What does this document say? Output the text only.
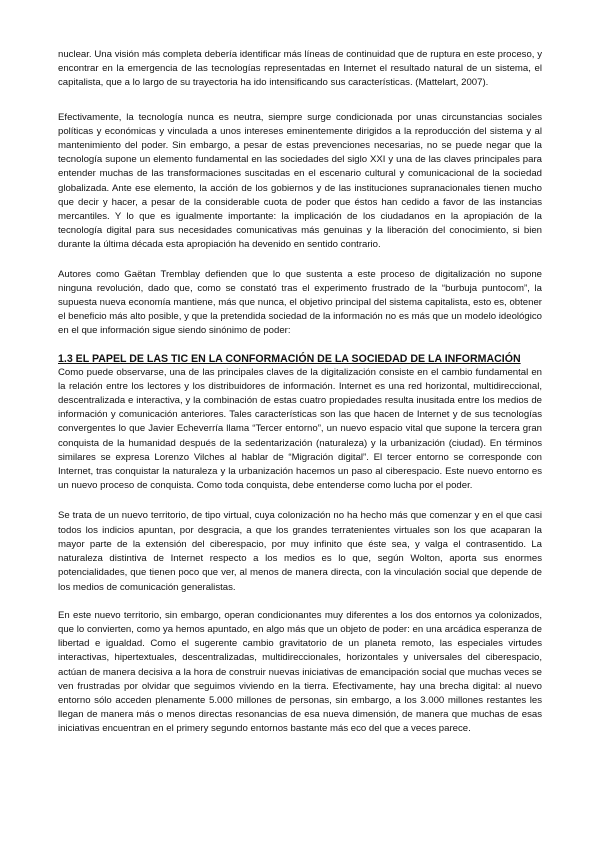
nuclear. Una visión más completa debería identificar más líneas de continuidad que de ruptura en este proceso, y encontrar en la emergencia de las tecnologías representadas en Internet el resultado natural de un sistema, el capitalista, que a lo largo de su trayectoria ha ido intensificando sus características. (Mattelart, 2007).

Efectivamente, la tecnología nunca es neutra, siempre surge condicionada por unas circunstancias sociales políticas y económicas y vinculada a unos intereses eminentemente dirigidos a la reproducción del sistema y al mantenimiento del poder. Sin embargo, a pesar de estas prevenciones necesarias, no se puede negar que la tecnología supone un elemento fundamental en las sociedades del siglo XXI y una de las claves principales para entender muchas de las transformaciones suscitadas en el escenario cultural y comunicacional de la sociedad globalizada. Ante ese elemento, la acción de los gobiernos y de las instituciones supranacionales tienen mucho que decir y hacer, a pesar de la considerable cuota de poder que éstos han cedido a favor de las instancias mercantiles. Y lo que es igualmente importante: la implicación de los ciudadanos en la apropiación de la tecnología digital para sus necesidades comunicativas más genuinas y la liberación del conocimiento, si bien durante la última década esta apropiación ha devenido en sentido contrario.

Autores como Gaëtan Tremblay defienden que lo que sustenta a este proceso de digitalización no supone ninguna revolución, dado que, como se constató tras el experimento frustrado de la “burbuja puntocom”, la supuesta nueva economía mantiene, más que nunca, el objetivo principal del sistema capitalista, esto es, obtener el beneficio más alto posible, y que la pretendida sociedad de la información no es más que un modelo ideológico en el que información sigue siendo sinónimo de poder:

1.3 EL PAPEL DE LAS TIC EN LA CONFORMACIÓN DE LA SOCIEDAD DE LA INFORMACIÓN

Como puede observarse, una de las principales claves de la digitalización consiste en el cambio fundamental en la relación entre los lectores y los distribuidores de información. Internet es una red horizontal, multidireccional, descentralizada e interactiva, y la combinación de estas cuatro propiedades resulta inusitada entre los medios de información y comunicación anteriores. Tales características son las que hacen de Internet y de sus tecnologías convergentes lo que Javier Echeverría llama “Tercer entorno”, un nuevo espacio vital que supone la tercera gran conquista de la humanidad después de la sedentarización (naturaleza) y la urbanización (ciudad). En términos similares se expresa Lorenzo Vilches al hablar de “Migración digital”. El tercer entorno se corresponde con Internet, tras conquistar la naturaleza y la urbanización hacemos un paso al ciberespacio. Este nuevo entorno es un nuevo proceso de conquista. Como toda conquista, debe entenderse como lucha por el poder.

Se trata de un nuevo territorio, de tipo virtual, cuya colonización no ha hecho más que comenzar y en el que casi todos los indicios apuntan, por desgracia, a que los grandes terratenientes virtuales son los que acaparan la mayor parte de la extensión del ciberespacio, por muy infinito que éste sea, y valga el contrasentido. La naturaleza distintiva de Internet respecto a los medios es lo que, según Wolton, aporta sus enormes potencialidades, que tienen poco que ver, al menos de manera directa, con la vinculación social que depende de los medios de comunicación generalistas.

En este nuevo territorio, sin embargo, operan condicionantes muy diferentes a los dos entornos ya colonizados, que lo convierten, como ya hemos apuntado, en algo más que un objeto de poder: en una arcádica esperanza de libertad e igualdad. Como el sugerente cambio gravitatorio de un planeta remoto, las especiales virtudes interactivas, hipertextuales, descentralizadas, multidireccionales, horizontales y universales del ciberespacio, actúan de manera decisiva a la hora de construir nuevas iniciativas de emancipación social que muchas veces se ven frustradas por olvidar que seguimos viviendo en la tierra. Efectivamente, hay una brecha digital: al nuevo entorno sólo acceden plenamente 5.000 millones de personas, sin embargo, a los 3.000 millones restantes les llegan de manera más o menos directas resonancias de esa nueva dimensión, de manera que muchas de esas iniciativas encuentran en el primery segundo entornos bastante más eco del que a veces parece.
